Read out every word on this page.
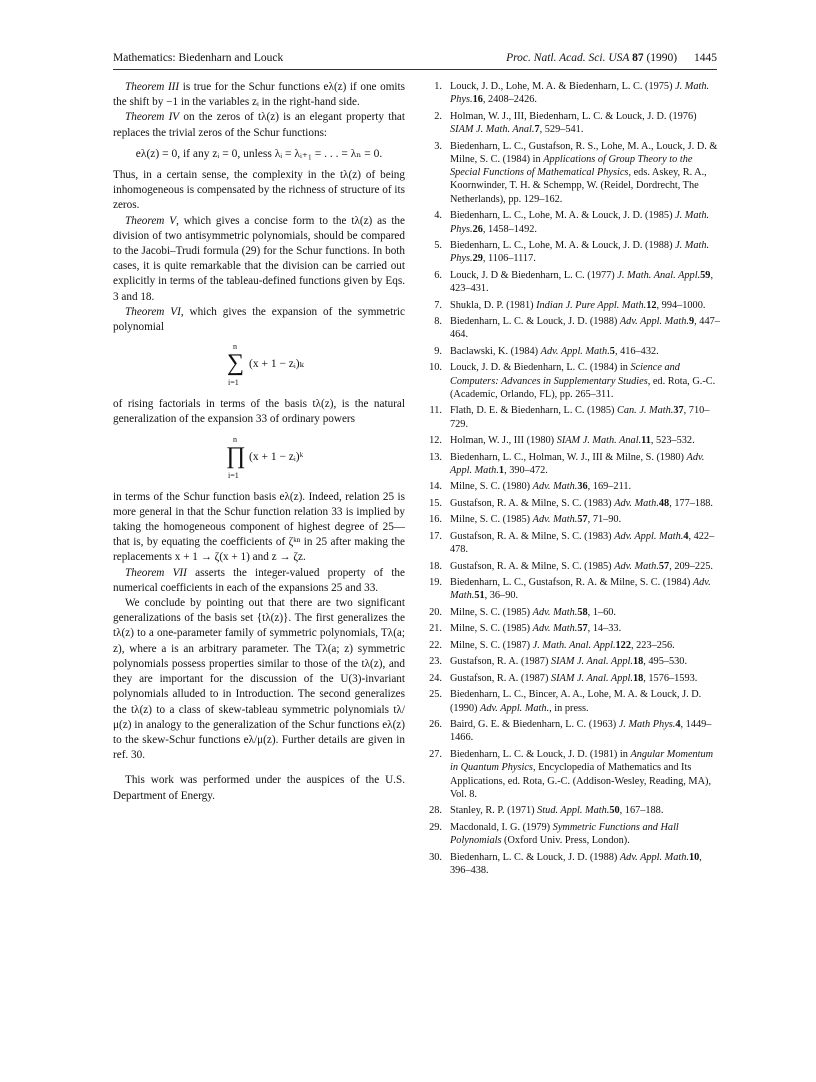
Mathematics: Biedenharn and Louck	Proc. Natl. Acad. Sci. USA 87 (1990) 1445

Theorem III is true for the Schur functions eλ(z) if one omits the shift by −1 in the variables zᵢ in the right-hand side.

Theorem IV on the zeros of tλ(z) is an elegant property that replaces the trivial zeros of the Schur functions:

eλ(z) = 0, if any zᵢ = 0, unless λᵢ = λᵢ₊₁ = . . . = λₙ = 0.

Thus, in a certain sense, the complexity in the tλ(z) of being inhomogeneous is compensated by the richness of structure of its zeros.

Theorem V, which gives a concise form to the tλ(z) as the division of two antisymmetric polynomials, should be compared to the Jacobi–Trudi formula (29) for the Schur functions. In both cases, it is quite remarkable that the division can be carried out explicitly in terms of the tableau-defined functions given by Eqs. 3 and 18.

Theorem VI, which gives the expansion of the symmetric polynomial

n
∑
i=1
(x + 1 − zᵢ)ₖ

of rising factorials in terms of the basis tλ(z), is the natural generalization of the expansion 33 of ordinary powers

n
∏
i=1
(x + 1 − zᵢ)ᵏ

in terms of the Schur function basis eλ(z). Indeed, relation 25 is more general in that the Schur function relation 33 is implied by taking the homogeneous component of highest degree of 25—that is, by equating the coefficients of ζᵏⁿ in 25 after making the replacements x + 1 → ζ(x + 1) and z → ζz.

Theorem VII asserts the integer-valued property of the numerical coefficients in each of the expansions 25 and 33.

We conclude by pointing out that there are two significant generalizations of the basis set {tλ(z)}. The first generalizes the tλ(z) to a one-parameter family of symmetric polynomials, Tλ(a; z), where a is an arbitrary parameter. The Tλ(a; z) symmetric polynomials possess properties similar to those of the tλ(z), and they are important for the discussion of the U(3)-invariant polynomials alluded to in Introduction. The second generalizes the tλ(z) to a class of skew-tableau symmetric polynomials tλ/μ(z) in analogy to the generalization of the Schur functions eλ(z) to the skew-Schur functions eλ/μ(z). Further details are given in ref. 30.

This work was performed under the auspices of the U.S. Department of Energy.

1. Louck, J. D., Lohe, M. A. & Biedenharn, L. C. (1975) J. Math. Phys.16, 2408–2426.
2. Holman, W. J., III, Biedenharn, L. C. & Louck, J. D. (1976) SIAM J. Math. Anal.7, 529–541.
3. Biedenharn, L. C., Gustafson, R. S., Lohe, M. A., Louck, J. D. & Milne, S. C. (1984) in Applications of Group Theory to the Special Functions of Mathematical Physics, eds. Askey, R. A., Koornwinder, T. H. & Schempp, W. (Reidel, Dordrecht, The Netherlands), pp. 129–162.
4. Biedenharn, L. C., Lohe, M. A. & Louck, J. D. (1985) J. Math. Phys.26, 1458–1492.
5. Biedenharn, L. C., Lohe, M. A. & Louck, J. D. (1988) J. Math. Phys.29, 1106–1117.
6. Louck, J. D & Biedenharn, L. C. (1977) J. Math. Anal. Appl.59, 423–431.
7. Shukla, D. P. (1981) Indian J. Pure Appl. Math.12, 994–1000.
8. Biedenharn, L. C. & Louck, J. D. (1988) Adv. Appl. Math.9, 447–464.
9. Baclawski, K. (1984) Adv. Appl. Math.5, 416–432.
10. Louck, J. D. & Biedenharn, L. C. (1984) in Science and Computers: Advances in Supplementary Studies, ed. Rota, G.-C. (Academic, Orlando, FL), pp. 265–311.
11. Flath, D. E. & Biedenharn, L. C. (1985) Can. J. Math.37, 710–729.
12. Holman, W. J., III (1980) SIAM J. Math. Anal.11, 523–532.
13. Biedenharn, L. C., Holman, W. J., III & Milne, S. (1980) Adv. Appl. Math.1, 390–472.
14. Milne, S. C. (1980) Adv. Math.36, 169–211.
15. Gustafson, R. A. & Milne, S. C. (1983) Adv. Math.48, 177–188.
16. Milne, S. C. (1985) Adv. Math.57, 71–90.
17. Gustafson, R. A. & Milne, S. C. (1983) Adv. Appl. Math.4, 422–478.
18. Gustafson, R. A. & Milne, S. C. (1985) Adv. Math.57, 209–225.
19. Biedenharn, L. C., Gustafson, R. A. & Milne, S. C. (1984) Adv. Math.51, 36–90.
20. Milne, S. C. (1985) Adv. Math.58, 1–60.
21. Milne, S. C. (1985) Adv. Math.57, 14–33.
22. Milne, S. C. (1987) J. Math. Anal. Appl.122, 223–256.
23. Gustafson, R. A. (1987) SIAM J. Anal. Appl.18, 495–530.
24. Gustafson, R. A. (1987) SIAM J. Anal. Appl.18, 1576–1593.
25. Biedenharn, L. C., Bincer, A. A., Lohe, M. A. & Louck, J. D. (1990) Adv. Appl. Math., in press.
26. Baird, G. E. & Biedenharn, L. C. (1963) J. Math Phys.4, 1449–1466.
27. Biedenharn, L. C. & Louck, J. D. (1981) in Angular Momentum in Quantum Physics, Encyclopedia of Mathematics and Its Applications, ed. Rota, G.-C. (Addison-Wesley, Reading, MA), Vol. 8.
28. Stanley, R. P. (1971) Stud. Appl. Math.50, 167–188.
29. Macdonald, I. G. (1979) Symmetric Functions and Hall Polynomials (Oxford Univ. Press, London).
30. Biedenharn, L. C. & Louck, J. D. (1988) Adv. Appl. Math.10, 396–438.
